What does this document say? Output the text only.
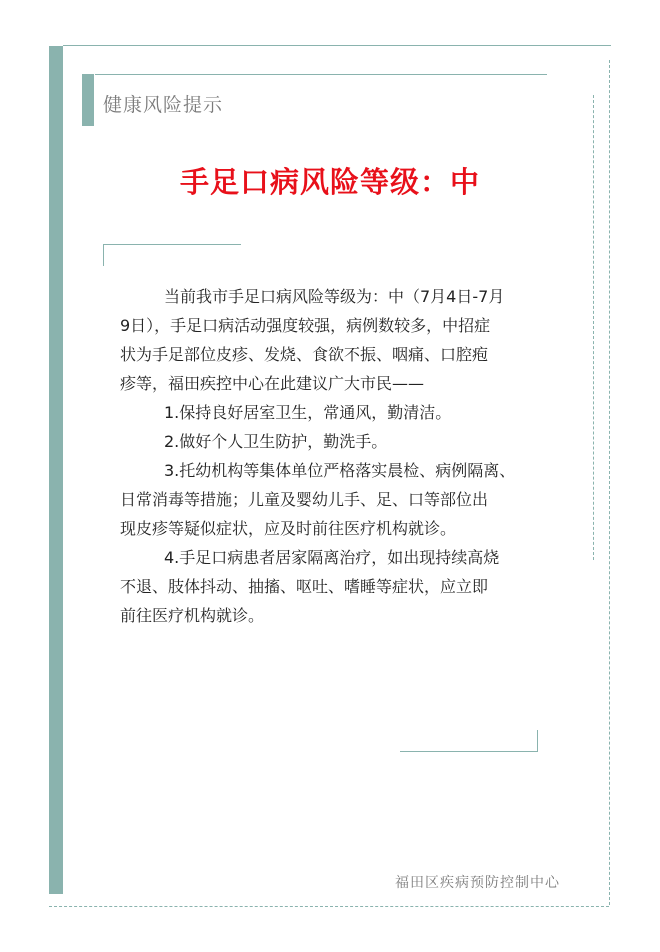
健康风险提示
手足口病风险等级：中

当前我市手足口病风险等级为：中（7月4日-7月

9日），手足口病活动强度较强，病例数较多，中招症

状为手足部位皮疹、发烧、食欲不振、咽痛、口腔疱

疹等，福田疾控中心在此建议广大市民——

1.保持良好居室卫生，常通风，勤清洁。

2.做好个人卫生防护，勤洗手。

3.托幼机构等集体单位严格落实晨检、病例隔离、

日常消毒等措施；儿童及婴幼儿手、足、口等部位出

现皮疹等疑似症状，应及时前往医疗机构就诊。

4.手足口病患者居家隔离治疗，如出现持续高烧

不退、肢体抖动、抽搐、呕吐、嗜睡等症状，应立即

前往医疗机构就诊。

福田区疾病预防控制中心
